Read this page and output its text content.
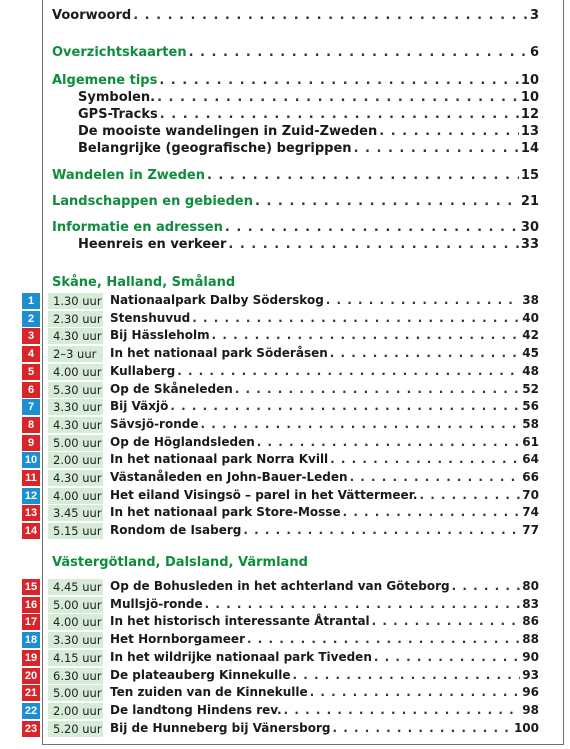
Voorwoord . . .	3
Overzichtskaarten . . .	6
Algemene tips . . .	10
Symbolen. . . .	10
GPS-Tracks . . .	12
De mooiste wandelingen in Zuid-Zweden . . .	13
Belangrijke (geografische) begrippen . . .	14
Wandelen in Zweden . . .	15
Landschappen en gebieden . . .	21
Informatie en adressen . . .	30
Heenreis en verkeer . . .	33
Skåne, Halland, Småland
1	1.30 uur Nationaalpark Dalby Söderskog . . .	38
2	2.30 uur Stenshuvud . . .	40
3	4.30 uur Bij Hässleholm . . .	42
4	2–3 uur	In het nationaal park Söderåsen . . .	45
5	4.00 uur Kullaberg . . .	48
6	5.30 uur Op de Skåneleden . . .	52
7	3.30 uur Bij Växjö . . .	56
8	4.30 uur Sävsjö-ronde . . .	58
9	5.00 uur Op de Höglandsleden . . .	61
10	2.00 uur In het nationaal park Norra Kvill . . .	64
11	4.30 uur Västanåleden en John-Bauer-Leden . . .	66
12	4.00 uur Het eiland Visingsö – parel in het Vättermeer. . . .	70
13	3.45 uur In het nationaal park Store-Mosse . . .	74
14	5.15 uur Rondom de Isaberg . . .	77
Västergötland, Dalsland, Värmland
15	4.45 uur Op de Bohusleden in het achterland van Göteborg . . .	80
16	5.00 uur Mullsjö-ronde . . .	83
17	4.00 uur In het historisch interessante Åtrantal . . .	86
18	3.30 uur Het Hornborgameer . . .	88
19	4.15 uur In het wildrijke nationaal park Tiveden . . .	90
20	6.30 uur De plateauberg Kinnekulle . . .	93
21	5.00 uur Ten zuiden van de Kinnekulle . . .	96
22	2.00 uur De landtong Hindens rev. . . .	98
23	5.20 uur Bij de Hunneberg bij Vänersborg . . .	100
